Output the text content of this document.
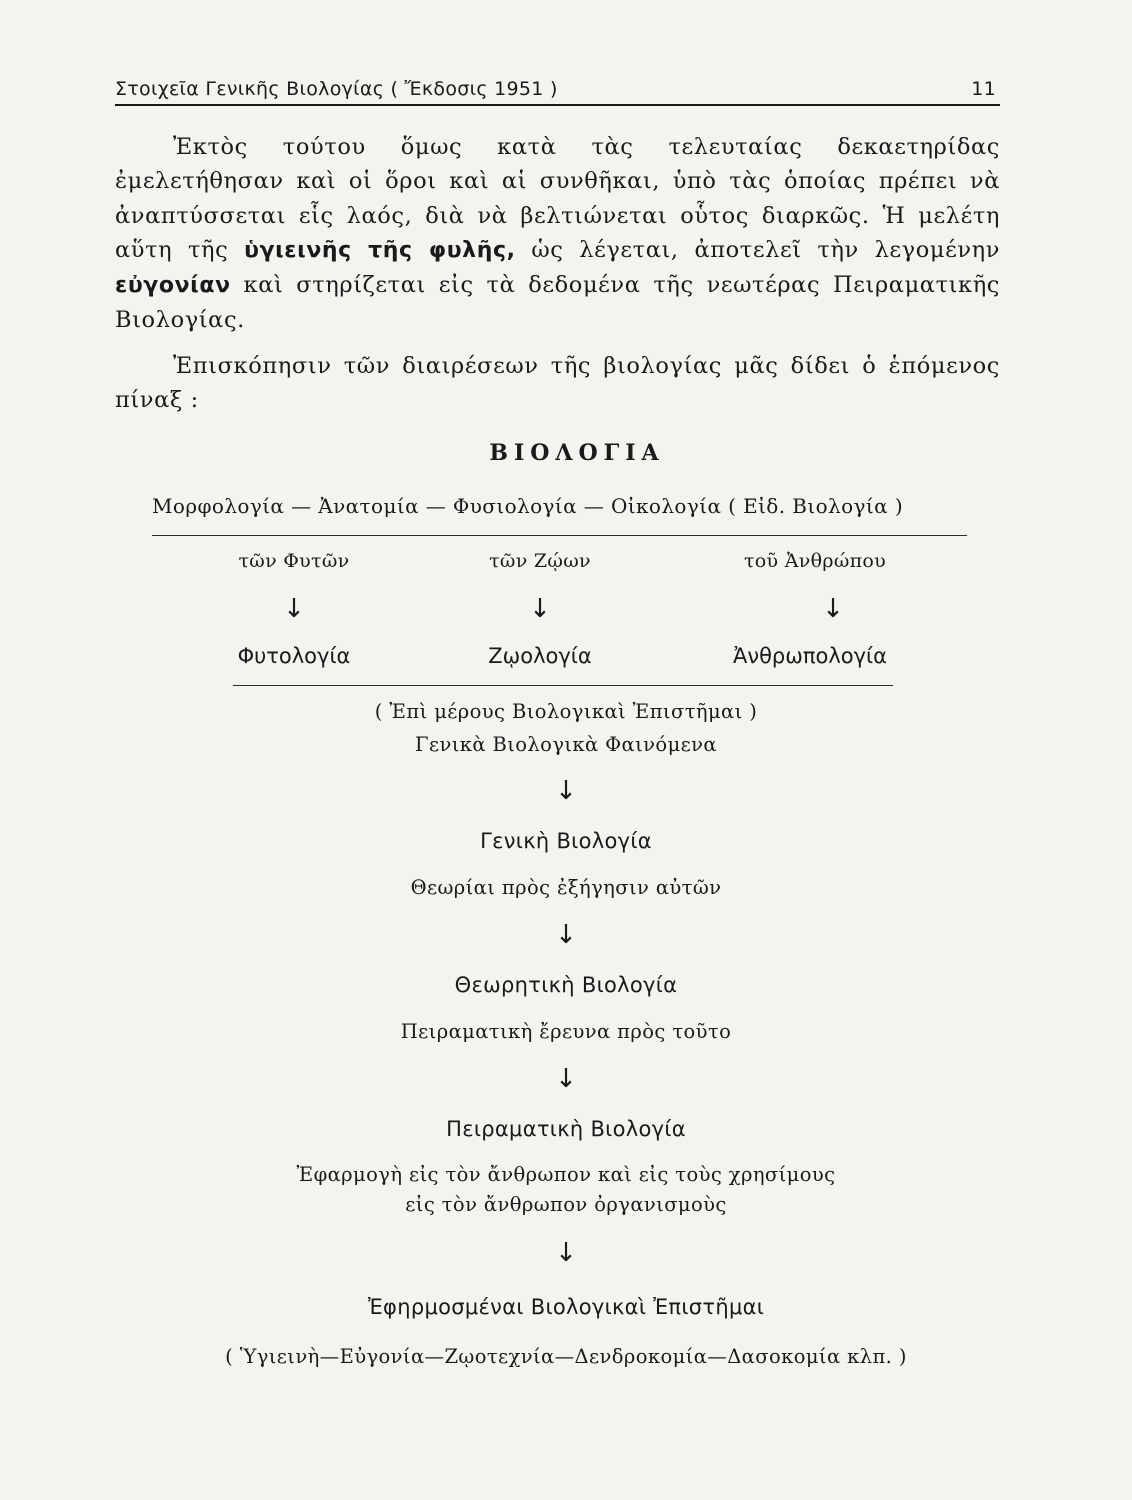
Στοιχεῖα Γενικῆς Βιολογίας ( Ἔκδοσις 1951 )	11
Ἐκτὸς τούτου ὅμως κατὰ τὰς τελευταίας δεκαετηρίδας ἐμελετήθησαν καὶ οἱ ὅροι καὶ αἱ συνθῆκαι, ὑπὸ τὰς ὁποίας πρέπει νὰ ἀναπτύσσεται εἷς λαός, διὰ νὰ βελτιώνεται οὗτος διαρκῶς. Ἡ μελέτη αὕτη τῆς ὑγιεινῆς τῆς φυλῆς, ὡς λέγεται, ἀποτελεῖ τὴν λεγομένην εὐγονίαν καὶ στηρίζεται εἰς τὰ δεδομένα τῆς νεωτέρας Πειραματικῆς Βιολογίας.
Ἐπισκόπησιν τῶν διαιρέσεων τῆς βιολογίας μᾶς δίδει ὁ ἑπόμενος πίναξ :
ΒΙΟΛΟΓΙΑ
Μορφολογία — Ἀνατομία — Φυσιολογία — Οἰκολογία ( Εἰδ. Βιολογία )
τῶν Φυτῶν	τῶν Ζῴων	τοῦ Ἀνθρώπου
↓	↓	↓
Φυτολογία	Ζῳολογία	Ἀνθρωπολογία
( Ἐπὶ μέρους Βιολογικαὶ Ἐπιστῆμαι )
Γενικὰ Βιολογικὰ Φαινόμενα
↓
Γενικὴ Βιολογία
Θεωρίαι πρὸς ἐξήγησιν αὐτῶν
↓
Θεωρητικὴ Βιολογία
Πειραματικὴ ἔρευνα πρὸς τοῦτο
↓
Πειραματικὴ Βιολογία
Ἐφαρμογὴ εἰς τὸν ἄνθρωπον καὶ εἰς τοὺς χρησίμους
εἰς τὸν ἄνθρωπον ὀργανισμοὺς
↓
Ἐφηρμοσμέναι Βιολογικαὶ Ἐπιστῆμαι
( Ὑγιεινὴ—Εὐγονία—Ζῳοτεχνία—Δενδροκομία—Δασοκομία κλπ. )
